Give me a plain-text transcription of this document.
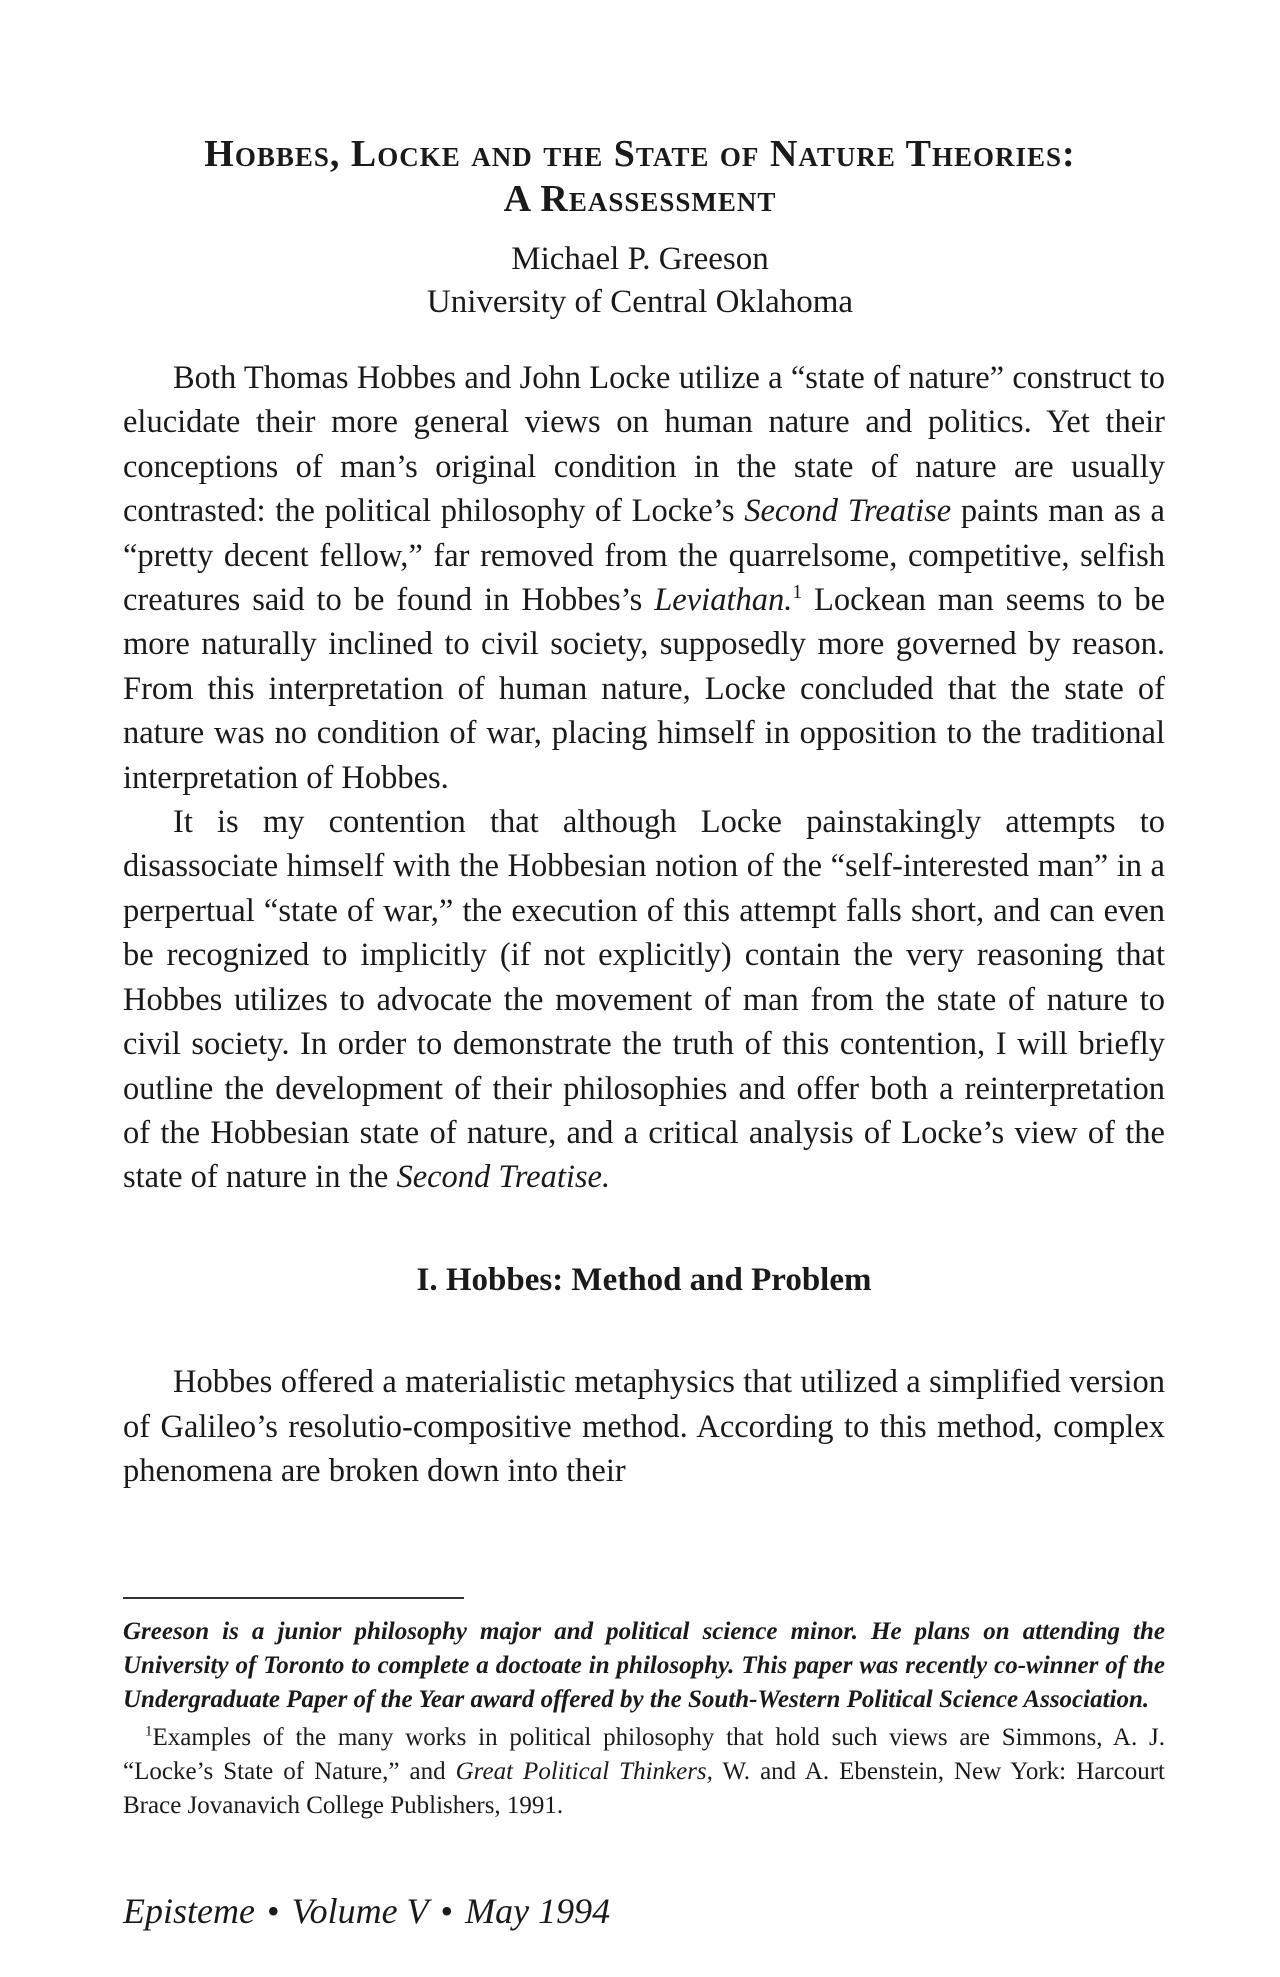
Hobbes, Locke and the State of Nature Theories:
A Reassessment
Michael P. Greeson
University of Central Oklahoma

Both Thomas Hobbes and John Locke utilize a “state of nature” construct to elucidate their more general views on human nature and politics. Yet their conceptions of man’s original condition in the state of nature are usually contrasted: the political philosophy of Locke’s Second Treatise paints man as a “pretty decent fellow,” far removed from the quarrelsome, competitive, selfish creatures said to be found in Hobbes’s Leviathan.$^1$ Lockean man seems to be more naturally inclined to civil society, supposedly more governed by reason. From this interpretation of human nature, Locke concluded that the state of nature was no condition of war, placing himself in opposition to the traditional interpretation of Hobbes.

It is my contention that although Locke painstakingly attempts to disassociate himself with the Hobbesian notion of the “self-interested man” in a perpertual “state of war,” the execution of this attempt falls short, and can even be recognized to implicitly (if not explicitly) contain the very reasoning that Hobbes utilizes to advocate the movement of man from the state of nature to civil society. In order to demonstrate the truth of this contention, I will briefly outline the development of their philosophies and offer both a reinterpretation of the Hobbesian state of nature, and a critical analysis of Locke’s view of the state of nature in the Second Treatise.

I. Hobbes: Method and Problem

Hobbes offered a materialistic metaphysics that utilized a simplified version of Galileo’s resolutio-compositive method. According to this method, complex phenomena are broken down into their

Greeson is a junior philosophy major and political science minor. He plans on attending the University of Toronto to complete a doctoate in philosophy. This paper was recently co-winner of the Undergraduate Paper of the Year award offered by the South-Western Political Science Association.

$^1$Examples of the many works in political philosophy that hold such views are Simmons, A. J. “Locke’s State of Nature,” and Great Political Thinkers, W. and A. Ebenstein, New York: Harcourt Brace Jovanavich College Publishers, 1991.

Episteme • Volume V • May 1994
